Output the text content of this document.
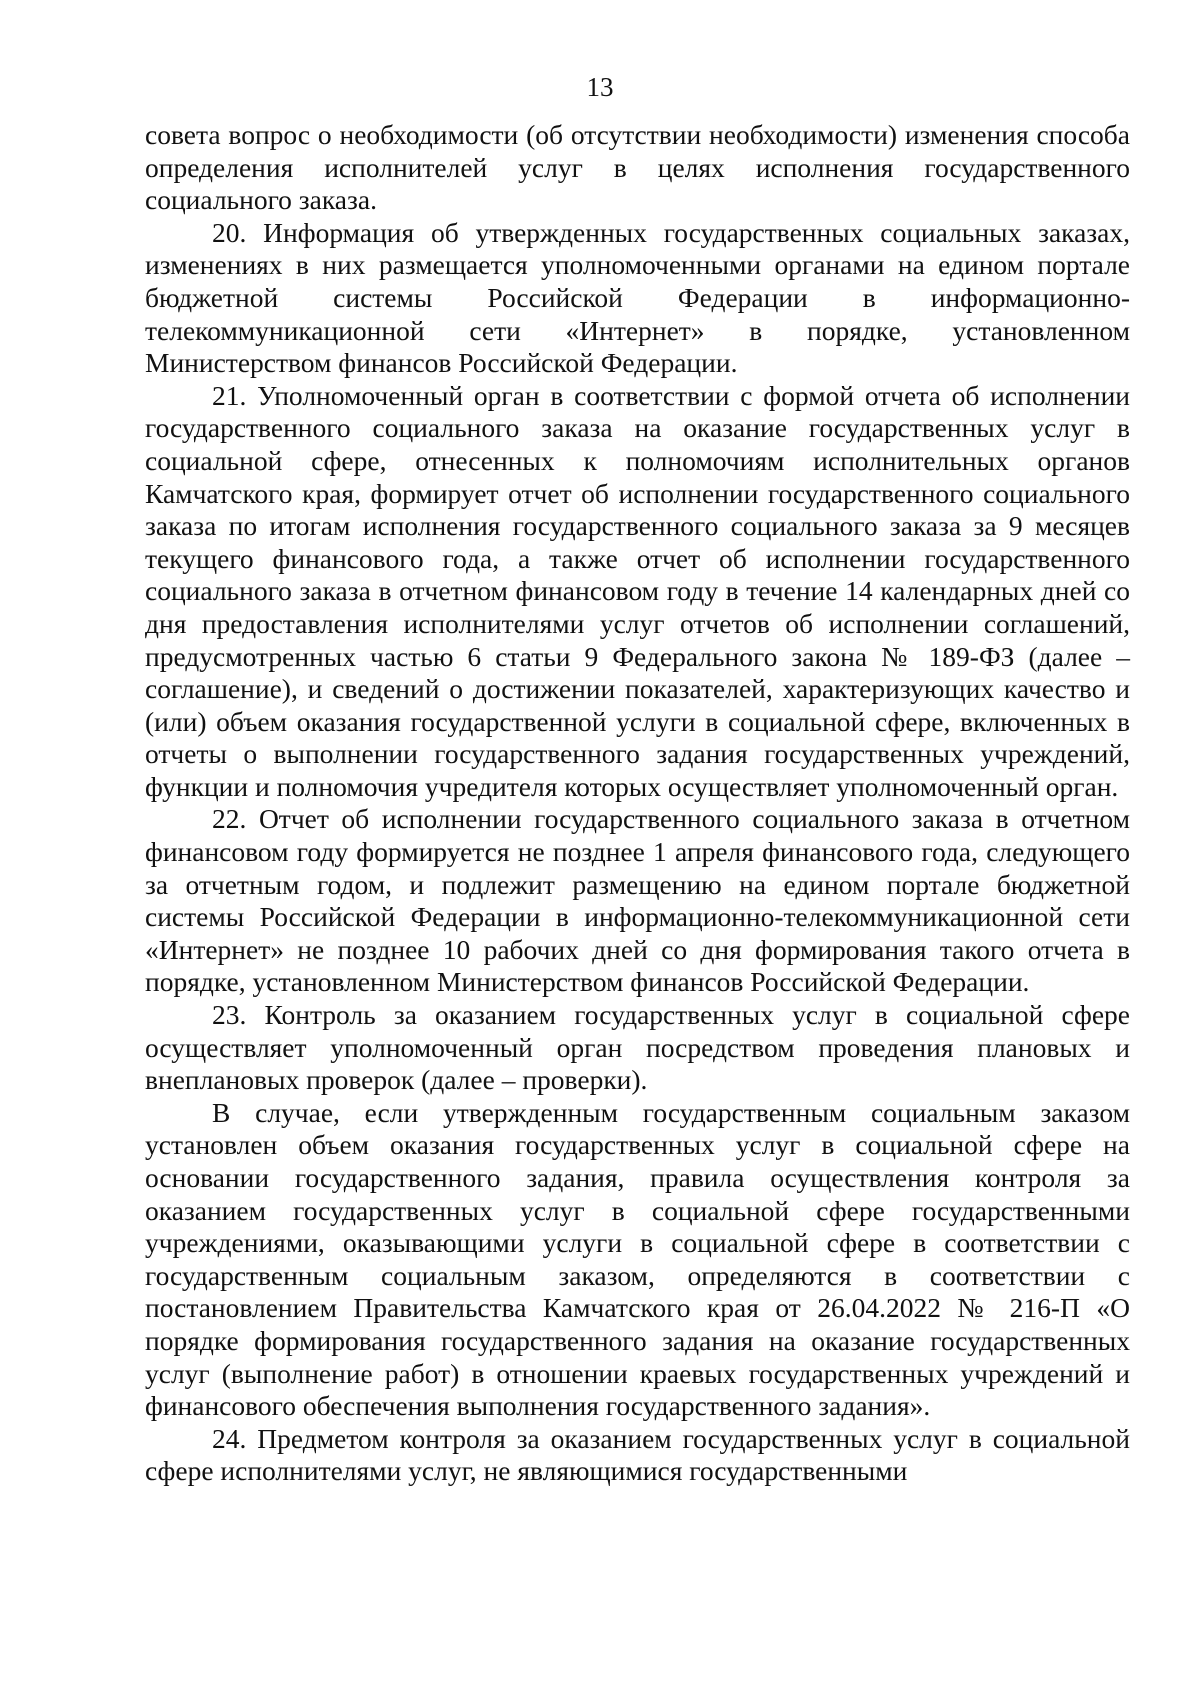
13

совета вопрос о необходимости (об отсутствии необходимости) изменения способа определения исполнителей услуг в целях исполнения государственного социального заказа.

20. Информация об утвержденных государственных социальных заказах, изменениях в них размещается уполномоченными органами на едином портале бюджетной системы Российской Федерации в информационно-телекоммуникационной сети «Интернет» в порядке, установленном Министерством финансов Российской Федерации.

21. Уполномоченный орган в соответствии с формой отчета об исполнении государственного социального заказа на оказание государственных услуг в социальной сфере, отнесенных к полномочиям исполнительных органов Камчатского края, формирует отчет об исполнении государственного социального заказа по итогам исполнения государственного социального заказа за 9 месяцев текущего финансового года, а также отчет об исполнении государственного социального заказа в отчетном финансовом году в течение 14 календарных дней со дня предоставления исполнителями услуг отчетов об исполнении соглашений, предусмотренных частью 6 статьи 9 Федерального закона № 189-ФЗ (далее – соглашение), и сведений о достижении показателей, характеризующих качество и (или) объем оказания государственной услуги в социальной сфере, включенных в отчеты о выполнении государственного задания государственных учреждений, функции и полномочия учредителя которых осуществляет уполномоченный орган.

22. Отчет об исполнении государственного социального заказа в отчетном финансовом году формируется не позднее 1 апреля финансового года, следующего за отчетным годом, и подлежит размещению на едином портале бюджетной системы Российской Федерации в информационно-телекоммуникационной сети «Интернет» не позднее 10 рабочих дней со дня формирования такого отчета в порядке, установленном Министерством финансов Российской Федерации.

23. Контроль за оказанием государственных услуг в социальной сфере осуществляет уполномоченный орган посредством проведения плановых и внеплановых проверок (далее – проверки).

В случае, если утвержденным государственным социальным заказом установлен объем оказания государственных услуг в социальной сфере на основании государственного задания, правила осуществления контроля за оказанием государственных услуг в социальной сфере государственными учреждениями, оказывающими услуги в социальной сфере в соответствии с государственным социальным заказом, определяются в соответствии с постановлением Правительства Камчатского края от 26.04.2022 № 216-П «О порядке формирования государственного задания на оказание государственных услуг (выполнение работ) в отношении краевых государственных учреждений и финансового обеспечения выполнения государственного задания».

24. Предметом контроля за оказанием государственных услуг в социальной сфере исполнителями услуг, не являющимися государственными
